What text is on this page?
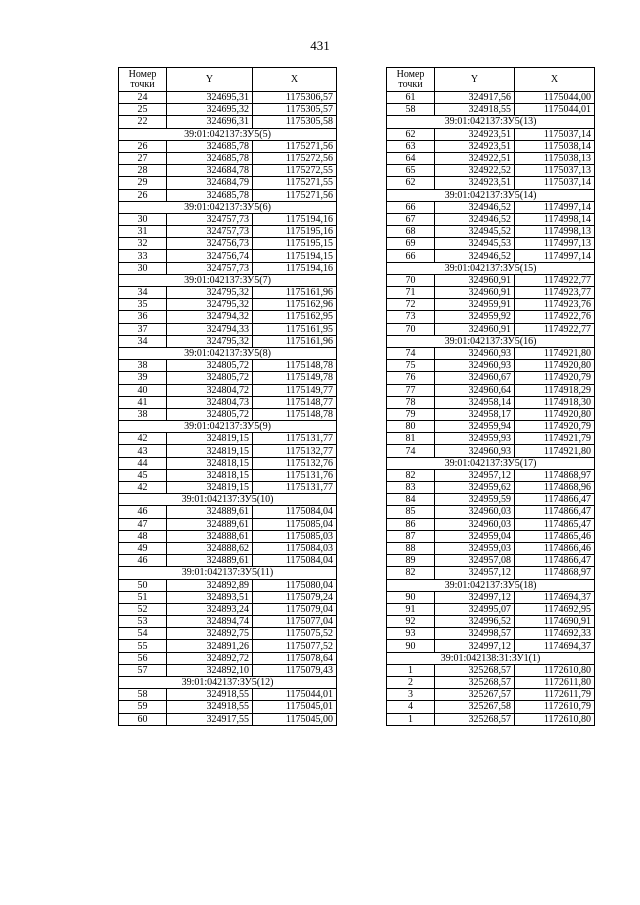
431
Номер точки	Y	X
24	324695,31	1175306,57
25	324695,32	1175305,57
22	324696,31	1175305,58
39:01:042137:ЗУ5(5)		
26	324685,78	1175271,56
27	324685,78	1175272,56
28	324684,78	1175272,55
29	324684,79	1175271,55
26	324685,78	1175271,56
39:01:042137:ЗУ5(6)		
30	324757,73	1175194,16
31	324757,73	1175195,16
32	324756,73	1175195,15
33	324756,74	1175194,15
30	324757,73	1175194,16
39:01:042137:ЗУ5(7)		
34	324795,32	1175161,96
35	324795,32	1175162,96
36	324794,32	1175162,95
37	324794,33	1175161,95
34	324795,32	1175161,96
39:01:042137:ЗУ5(8)		
38	324805,72	1175148,78
39	324805,72	1175149,78
40	324804,72	1175149,77
41	324804,73	1175148,77
38	324805,72	1175148,78
39:01:042137:ЗУ5(9)		
42	324819,15	1175131,77
43	324819,15	1175132,77
44	324818,15	1175132,76
45	324818,15	1175131,76
42	324819,15	1175131,77
39:01:042137:ЗУ5(10)		
46	324889,61	1175084,04
47	324889,61	1175085,04
48	324888,61	1175085,03
49	324888,62	1175084,03
46	324889,61	1175084,04
39:01:042137:ЗУ5(11)		
50	324892,89	1175080,04
51	324893,51	1175079,24
52	324893,24	1175079,04
53	324894,74	1175077,04
54	324892,75	1175075,52
55	324891,26	1175077,52
56	324892,72	1175078,64
57	324892,10	1175079,43
39:01:042137:ЗУ5(12)		
58	324918,55	1175044,01
59	324918,55	1175045,01
60	324917,55	1175045,00
Номер точки	Y	X
61	324917,56	1175044,00
58	324918,55	1175044,01
39:01:042137:ЗУ5(13)		
62	324923,51	1175037,14
63	324923,51	1175038,14
64	324922,51	1175038,13
65	324922,52	1175037,13
62	324923,51	1175037,14
39:01:042137:ЗУ5(14)		
66	324946,52	1174997,14
67	324946,52	1174998,14
68	324945,52	1174998,13
69	324945,53	1174997,13
66	324946,52	1174997,14
39:01:042137:ЗУ5(15)		
70	324960,91	1174922,77
71	324960,91	1174923,77
72	324959,91	1174923,76
73	324959,92	1174922,76
70	324960,91	1174922,77
39:01:042137:ЗУ5(16)		
74	324960,93	1174921,80
75	324960,93	1174920,80
76	324960,67	1174920,79
77	324960,64	1174918,29
78	324958,14	1174918,30
79	324958,17	1174920,80
80	324959,94	1174920,79
81	324959,93	1174921,79
74	324960,93	1174921,80
39:01:042137:ЗУ5(17)		
82	324957,12	1174868,97
83	324959,62	1174868,96
84	324959,59	1174866,47
85	324960,03	1174866,47
86	324960,03	1174865,47
87	324959,04	1174865,46
88	324959,03	1174866,46
89	324957,08	1174866,47
82	324957,12	1174868,97
39:01:042137:ЗУ5(18)		
90	324997,12	1174694,37
91	324995,07	1174692,95
92	324996,52	1174690,91
93	324998,57	1174692,33
90	324997,12	1174694,37
39:01:042138:31:ЗУ1(1)		
1	325268,57	1172610,80
2	325268,57	1172611,80
3	325267,57	1172611,79
4	325267,58	1172610,79
1	325268,57	1172610,80
